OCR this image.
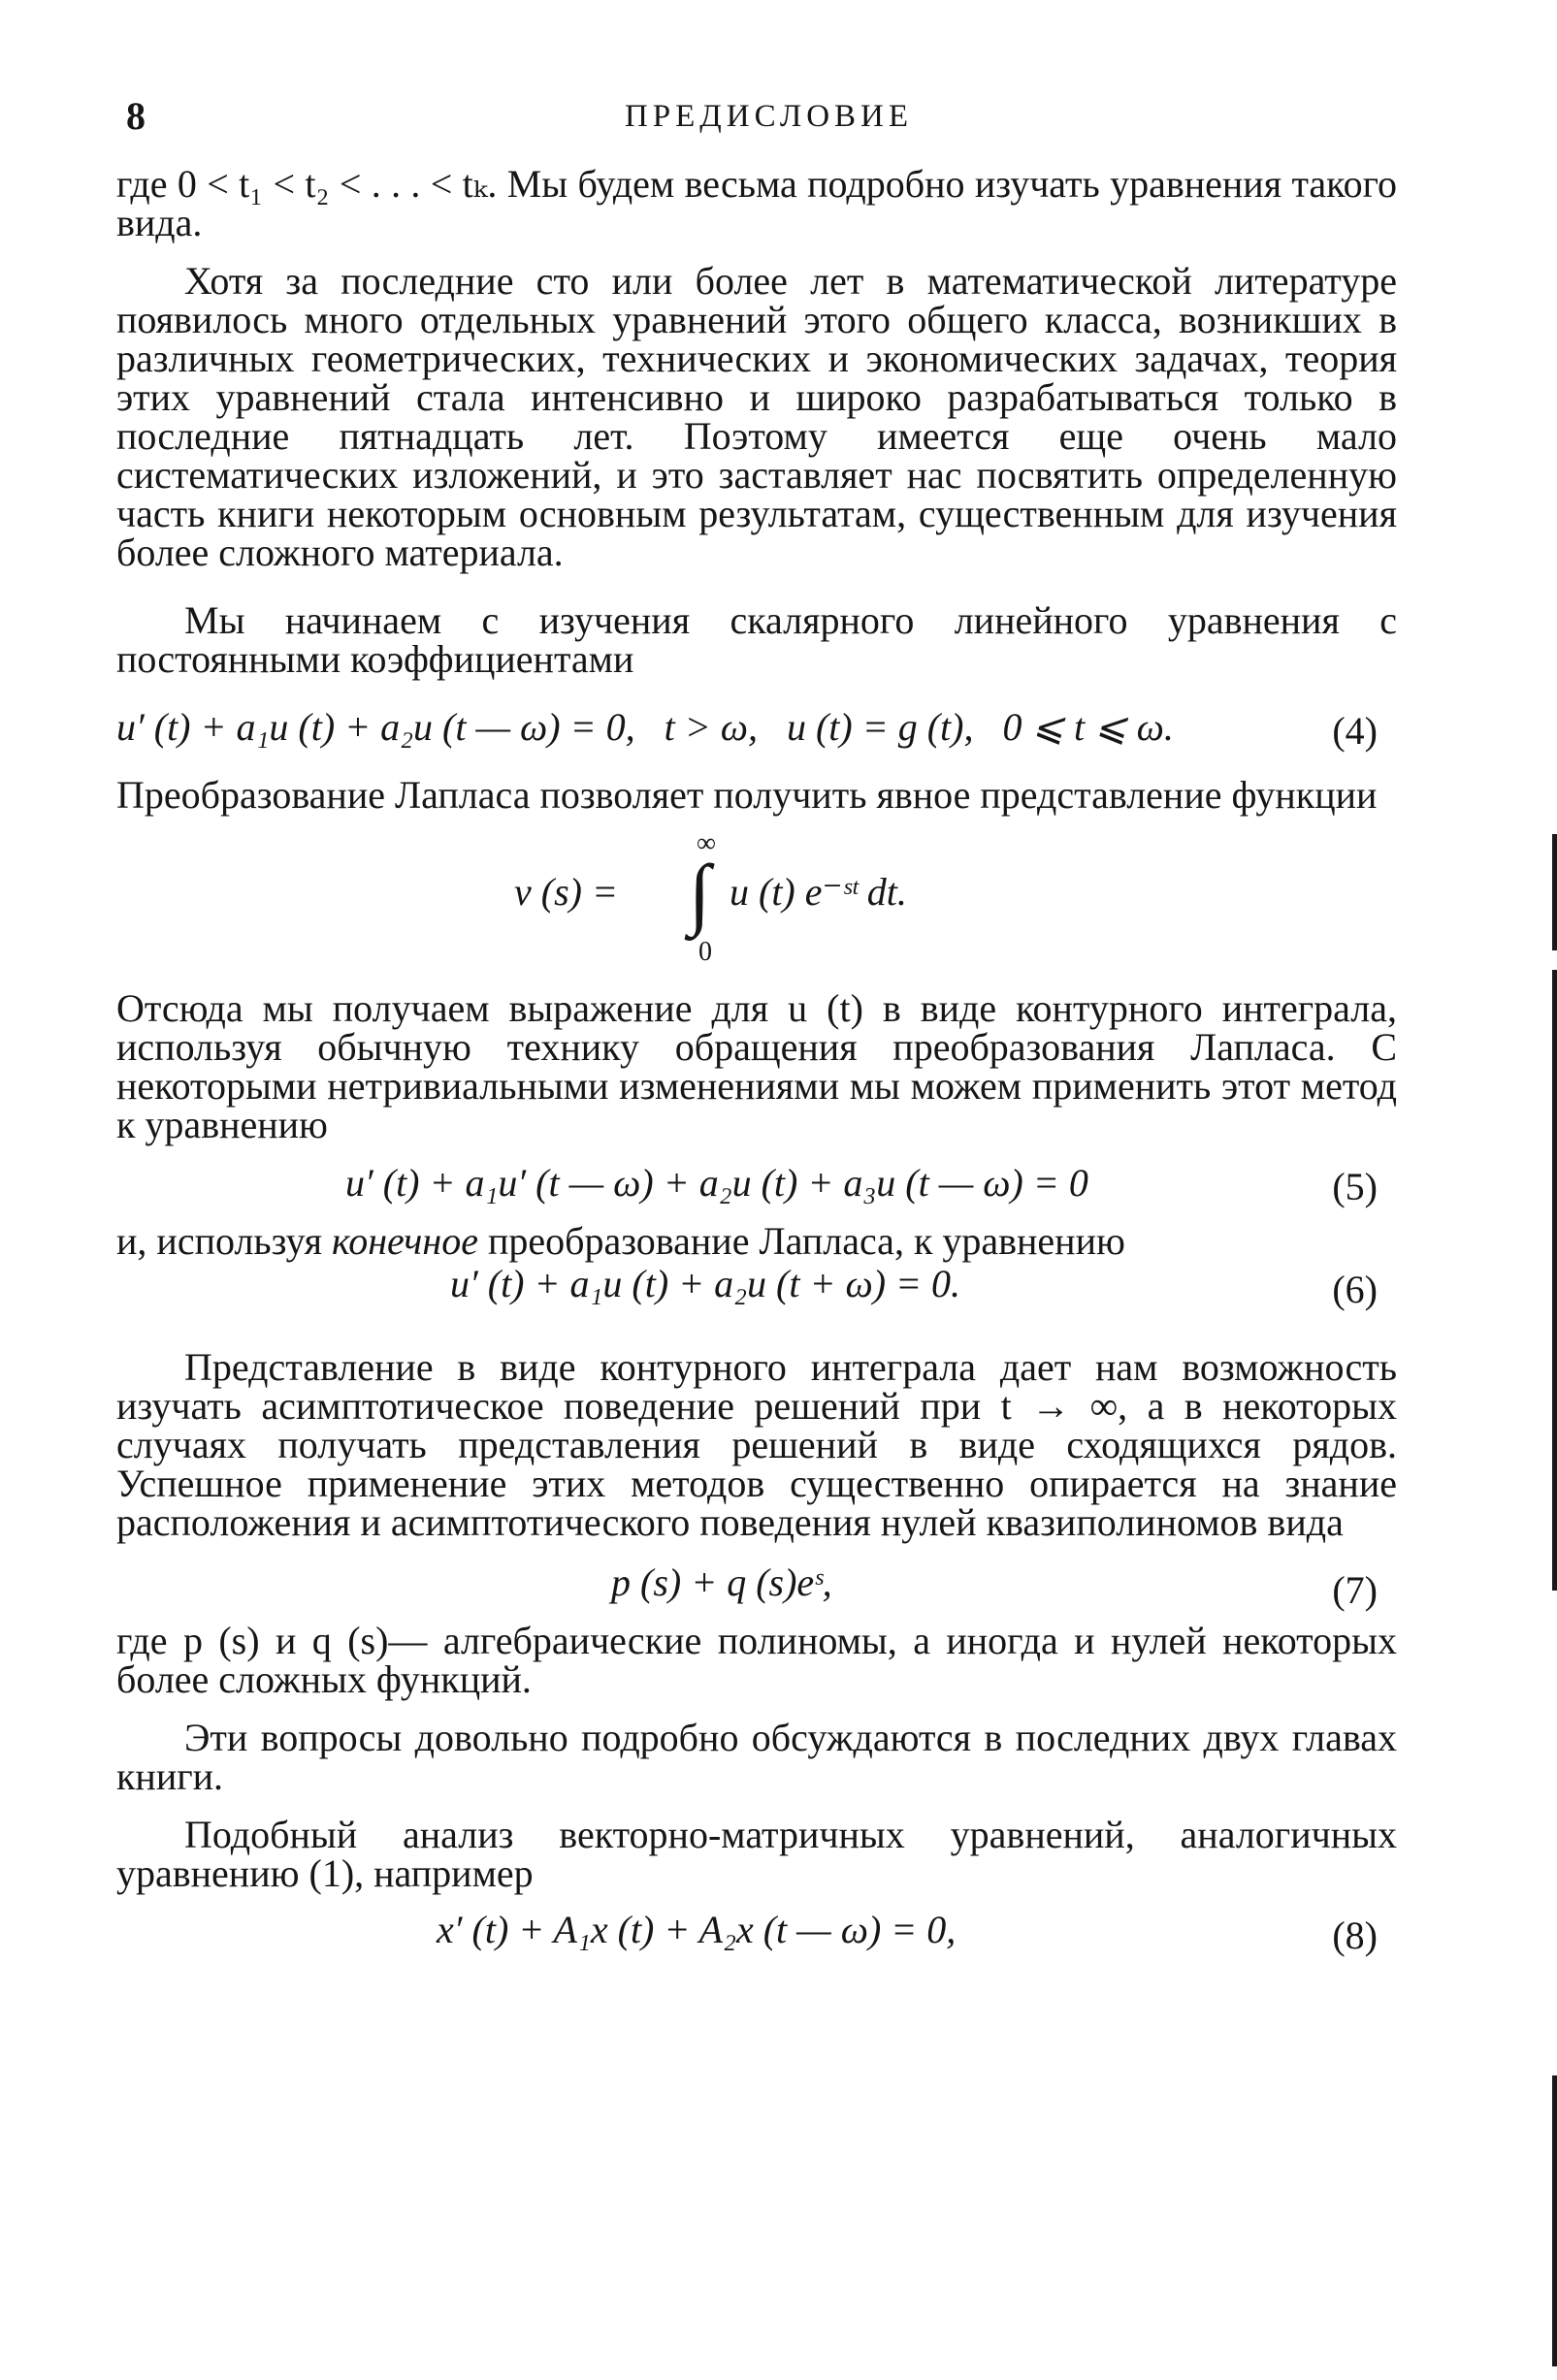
8	ПРЕДИСЛОВИЕ

где 0 < t₁ < t₂ < . . . < tₖ. Мы будем весьма подробно изучать уравнения такого вида.

Хотя за последние сто или более лет в математической литературе появилось много отдельных уравнений этого общего класса, возникших в различных геометрических, технических и экономических задачах, теория этих уравнений стала интенсивно и широко разрабатываться только в последние пятнадцать лет. Поэтому имеется еще очень мало систематических изложений, и это заставляет нас посвятить определенную часть книги некоторым основным результатам, существенным для изучения более сложного материала.

Мы начинаем с изучения скалярного линейного уравнения с постоянными коэффициентами

u′ (t) + a₁u (t) + a₂u (t — ω) = 0,   t > ω,   u (t) = g (t),   0 ⩽ t ⩽ ω.	(4)

Преобразование Лапласа позволяет получить явное представление функции

v (s) =
∞
∫
0
u (t) e⁻ˢᵗ dt.

Отсюда мы получаем выражение для u (t) в виде контурного интеграла, используя обычную технику обращения преобразования Лапласа. С некоторыми нетривиальными изменениями мы можем применить этот метод к уравнению

u′ (t) + a₁u′ (t — ω) + a₂u (t) + a₃u (t — ω) = 0	(5)

и, используя конечное преобразование Лапласа, к уравнению

u′ (t) + a₁u (t) + a₂u (t + ω) = 0.	(6)

Представление в виде контурного интеграла дает нам возможность изучать асимптотическое поведение решений при t → ∞, а в некоторых случаях получать представления решений в виде сходящихся рядов. Успешное применение этих методов существенно опирается на знание расположения и асимптотического поведения нулей квазиполиномов вида

p (s) + q (s)eˢ,	(7)

где p (s) и q (s)— алгебраические полиномы, а иногда и нулей некоторых более сложных функций.

Эти вопросы довольно подробно обсуждаются в последних двух главах книги.

Подобный анализ векторно-матричных уравнений, аналогичных уравнению (1), например

x′ (t) + A₁x (t) + A₂x (t — ω) = 0,	(8)
